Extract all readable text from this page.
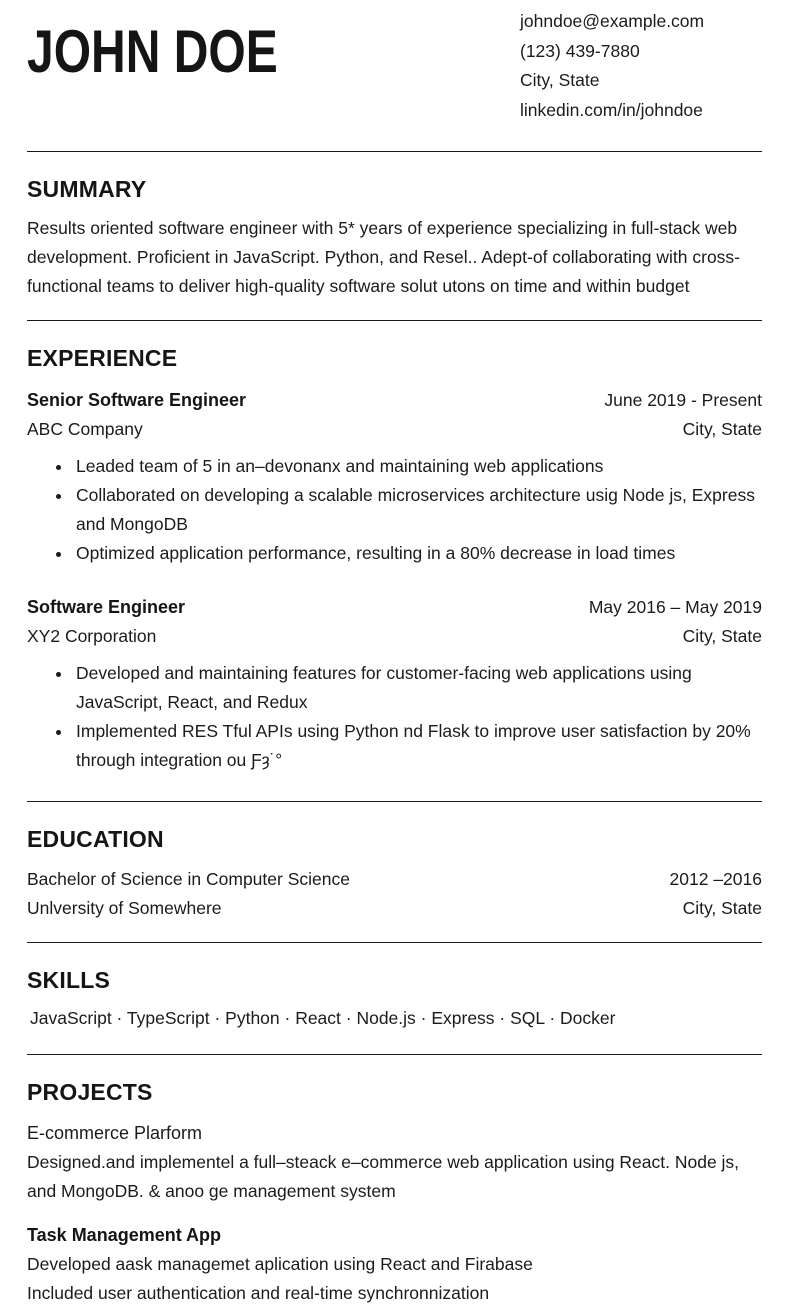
JOHN DOE	johndoe@example.com
(123) 439-7880
City, State
linkedin.com/in/johndoe
SUMMARY

Results oriented software engineer with 5* years of experience specializing in full-stack web development. Proficient in JavaScript. Python, and Resel.. Adept-of collaborating with cross-functional teams to deliver high-quality software solut utons on time and within budget

EXPERIENCE
Senior Software Engineer	June 2019 - Present
ABC Company	City, State
• Leaded team of 5 in an–devonanx and maintaining web applications
• Collaborated on developing a scalable microservices architecture usig Node js, Express and MongoDB
• Optimized application performance, resulting in a 80% decrease in load times
Software Engineer	May 2016 – May 2019
XY2 Corporation	City, State
• Developed and maintaining features for customer-facing web applications using JavaScript, React, and Redux
• Implemented RES Tful APIs using Python nd Flask to improve user satisfaction by 20% through integration ou Ƒȝ˙°
EDUCATION
Bachelor of Science in Computer Science	2012 –2016
Unlversity of Somewhere	City, State
SKILLS
JavaScript · TypeScript · Python · React · Node.js · Express · SQL · Docker
PROJECTS
E-commerce Plarform

Designed.and implementel a full–steack e–commerce web application using React. Node js, and MongoDB. & anoo ge management system

Task Management App

Developed aask managemet aplication using React and Firabase

Included user authentication and real-time synchronnization
